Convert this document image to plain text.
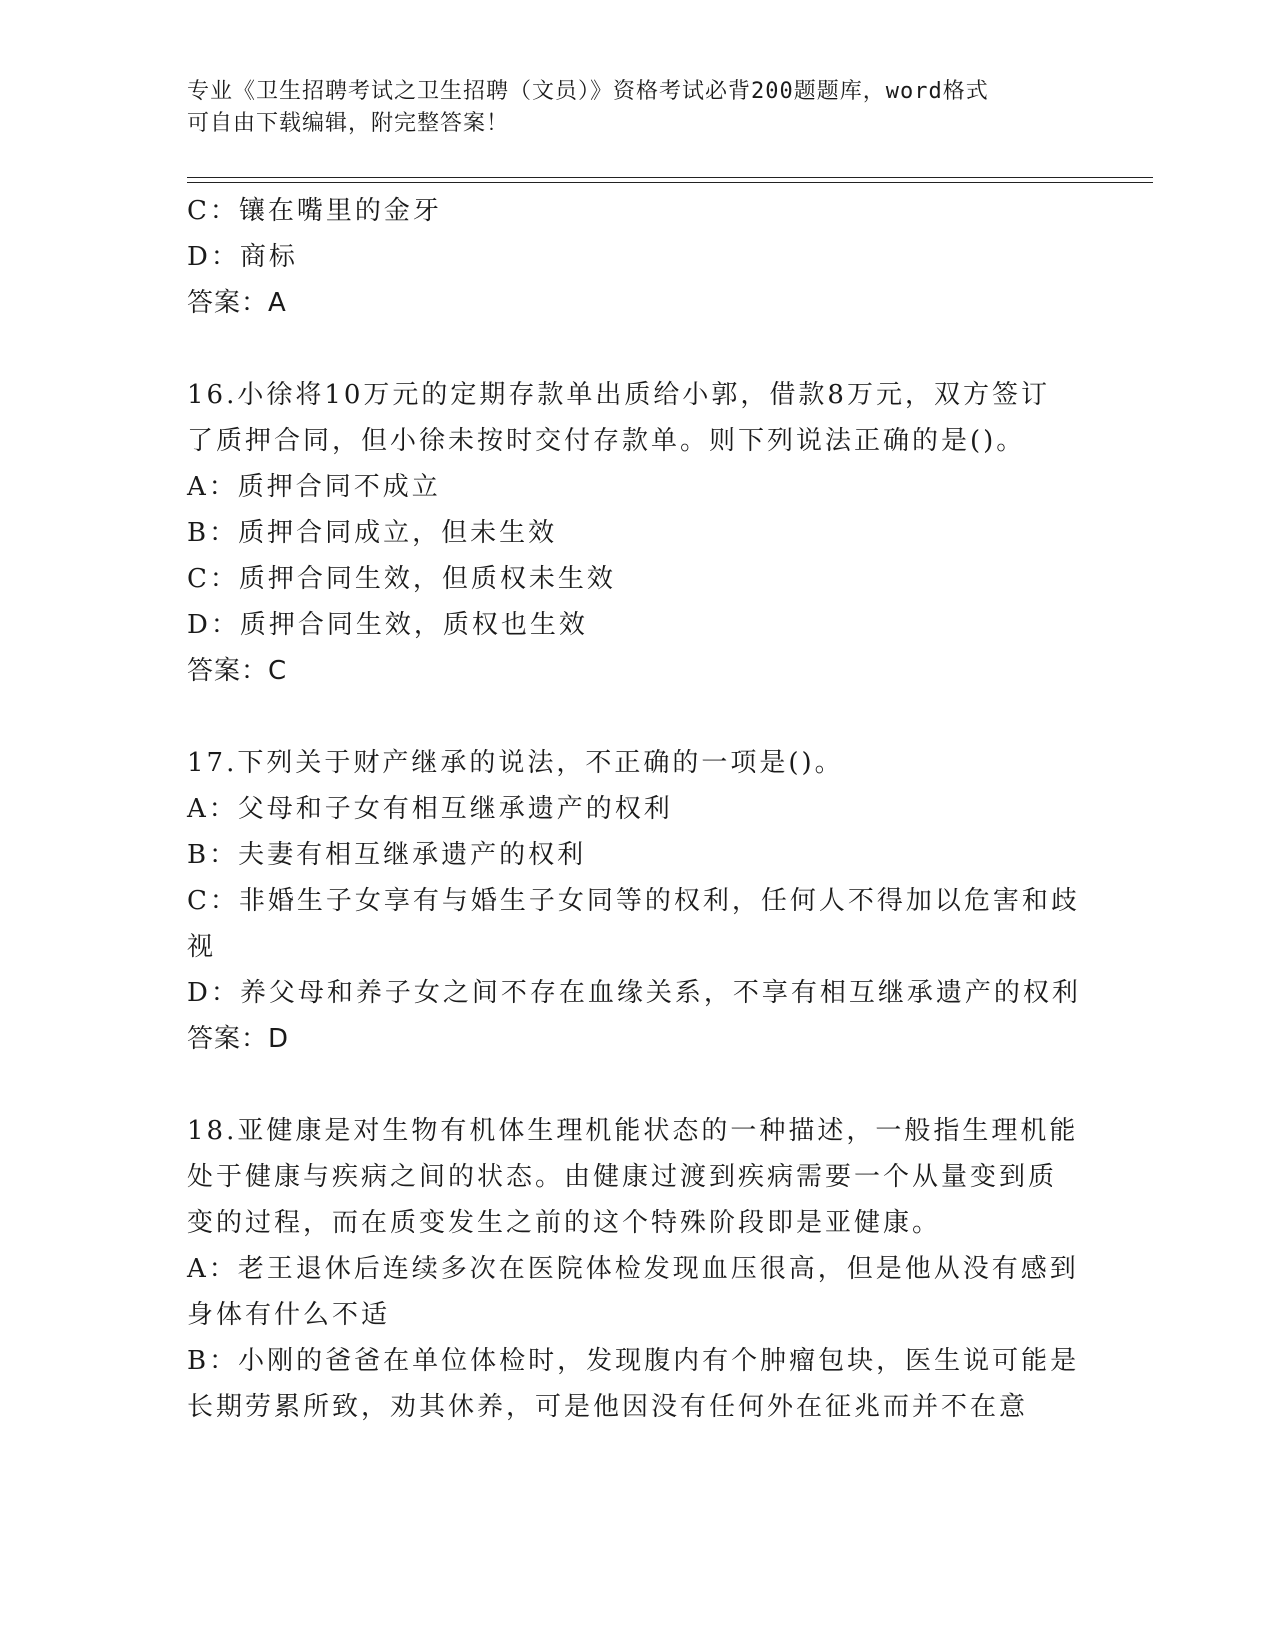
专业《卫生招聘考试之卫生招聘（文员）》资格考试必背200题题库，word格式
可自由下载编辑，附完整答案！
C：镶在嘴里的金牙
D：商标
答案：A
16.小徐将10万元的定期存款单出质给小郭，借款8万元，双方签订
了质押合同，但小徐未按时交付存款单。则下列说法正确的是()。
A：质押合同不成立
B：质押合同成立，但未生效
C：质押合同生效，但质权未生效
D：质押合同生效，质权也生效
答案：C
17.下列关于财产继承的说法，不正确的一项是()。
A：父母和子女有相互继承遗产的权利
B：夫妻有相互继承遗产的权利
C：非婚生子女享有与婚生子女同等的权利，任何人不得加以危害和歧
视
D：养父母和养子女之间不存在血缘关系，不享有相互继承遗产的权利
答案：D
18.亚健康是对生物有机体生理机能状态的一种描述，一般指生理机能
处于健康与疾病之间的状态。由健康过渡到疾病需要一个从量变到质
变的过程，而在质变发生之前的这个特殊阶段即是亚健康。
A：老王退休后连续多次在医院体检发现血压很高，但是他从没有感到
身体有什么不适
B：小刚的爸爸在单位体检时，发现腹内有个肿瘤包块，医生说可能是
长期劳累所致，劝其休养，可是他因没有任何外在征兆而并不在意
